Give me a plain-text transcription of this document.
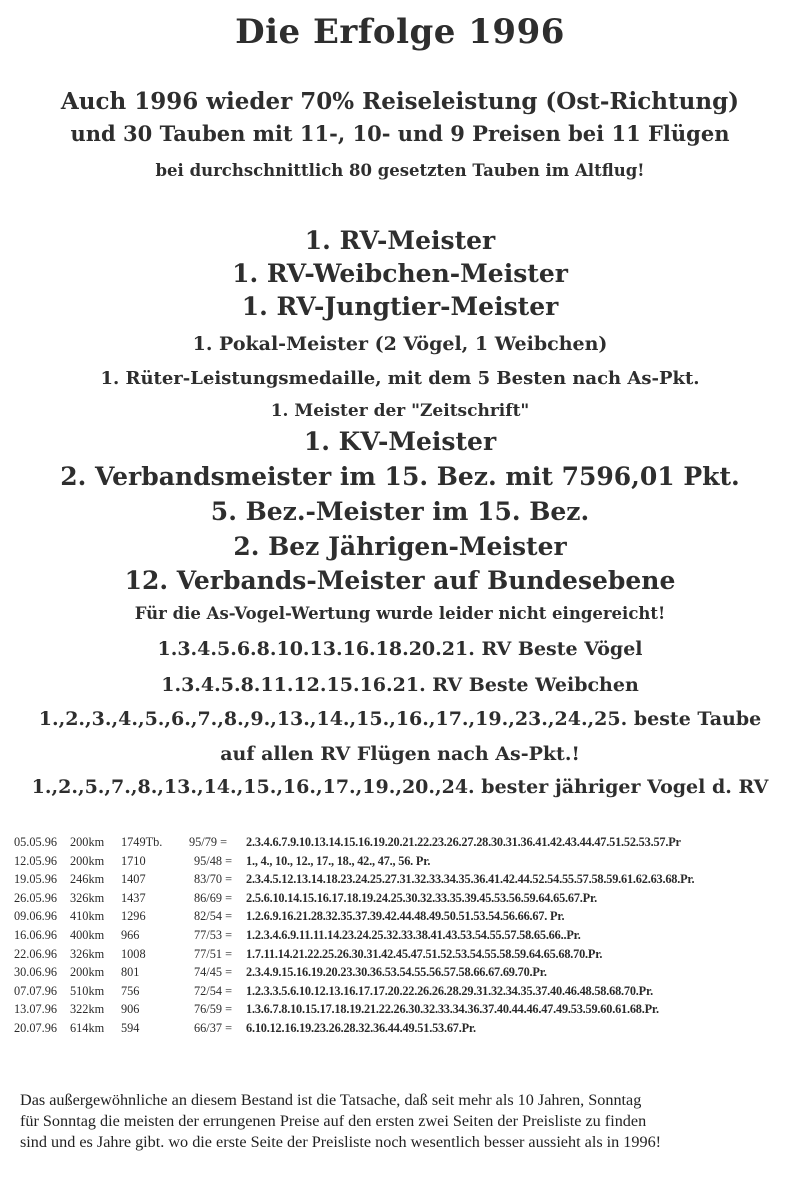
Die Erfolge 1996
Auch 1996 wieder 70% Reiseleistung (Ost-Richtung)
und 30 Tauben mit 11-, 10- und 9 Preisen bei 11 Flügen
bei durchschnittlich 80 gesetzten Tauben im Altflug!
1. RV-Meister
1. RV-Weibchen-Meister
1. RV-Jungtier-Meister
1. Pokal-Meister (2 Vögel, 1 Weibchen)
1. Rüter-Leistungsmedaille, mit dem 5 Besten nach As-Pkt.
1. Meister der "Zeitschrift"
1. KV-Meister
2. Verbandsmeister im 15. Bez. mit 7596,01 Pkt.
5. Bez.-Meister im 15. Bez.
2. Bez Jährigen-Meister
12. Verbands-Meister auf Bundesebene
Für die As-Vogel-Wertung wurde leider nicht eingereicht!
1.3.4.5.6.8.10.13.16.18.20.21. RV Beste Vögel
1.3.4.5.8.11.12.15.16.21. RV Beste Weibchen
1.,2.,3.,4.,5.,6.,7.,8.,9.,13.,14.,15.,16.,17.,19.,23.,24.,25. beste Taube
auf allen RV Flügen nach As-Pkt.!
1.,2.,5.,7.,8.,13.,14.,15.,16.,17.,19.,20.,24. bester jähriger Vogel d. RV
05.05.96 200km 1749Tb. 95/79 = 2.3.4.6.7.9.10.13.14.15.16.19.20.21.22.23.26.27.28.30.31.36.41.42.43.44.47.51.52.53.57.Pr
12.05.96 200km 1710	95/48 = 1., 4., 10., 12., 17., 18., 42., 47., 56. Pr.
19.05.96 246km 1407	83/70 = 2.3.4.5.12.13.14.18.23.24.25.27.31.32.33.34.35.36.41.42.44.52.54.55.57.58.59.61.62.63.68.Pr.
26.05.96 326km 1437	86/69 = 2.5.6.10.14.15.16.17.18.19.24.25.30.32.33.35.39.45.53.56.59.64.65.67.Pr.
09.06.96 410km 1296	82/54 = 1.2.6.9.16.21.28.32.35.37.39.42.44.48.49.50.51.53.54.56.66.67. Pr.
16.06.96 400km 966	77/53 = 1.2.3.4.6.9.11.11.14.23.24.25.32.33.38.41.43.53.54.55.57.58.65.66..Pr.
22.06.96 326km 1008	77/51 = 1.7.11.14.21.22.25.26.30.31.42.45.47.51.52.53.54.55.58.59.64.65.68.70.Pr.
30.06.96 200km 801	74/45 = 2.3.4.9.15.16.19.20.23.30.36.53.54.55.56.57.58.66.67.69.70.Pr.
07.07.96 510km 756	72/54 = 1.2.3.3.5.6.10.12.13.16.17.17.20.22.26.26.28.29.31.32.34.35.37.40.46.48.58.68.70.Pr.
13.07.96 322km 906	76/59 = 1.3.6.7.8.10.15.17.18.19.21.22.26.30.32.33.34.36.37.40.44.46.47.49.53.59.60.61.68.Pr.
20.07.96 614km 594	66/37 = 6.10.12.16.19.23.26.28.32.36.44.49.51.53.67.Pr.
Das außergewöhnliche an diesem Bestand ist die Tatsache, daß seit mehr als 10 Jahren, Sonntag
für Sonntag die meisten der errungenen Preise auf den ersten zwei Seiten der Preisliste zu finden
sind und es Jahre gibt. wo die erste Seite der Preisliste noch wesentlich besser aussieht als in 1996!
